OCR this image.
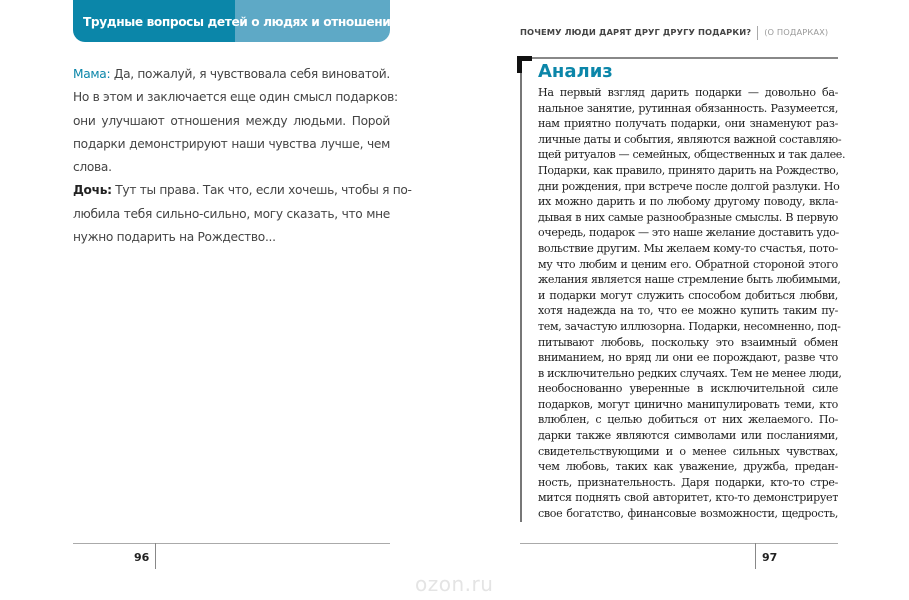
Трудные вопросы детей о людях и отношениях
Мама: Да, пожалуй, я чувствовала себя виноватой.
Но в этом и заключается еще один смысл подарков:
они улучшают отношения между людьми. Порой
подарки демонстрируют наши чувства лучше, чем
слова.
Дочь: Тут ты права. Так что, если хочешь, чтобы я по-
любила тебя сильно-сильно, могу сказать, что мне
нужно подарить на Рождество...
ПОЧЕМУ ЛЮДИ ДАРЯТ ДРУГ ДРУГУ ПОДАРКИ? (О ПОДАРКАХ)
Анализ
На первый взгляд дарить подарки — довольно ба-
нальное занятие, рутинная обязанность. Разумеется,
нам приятно получать подарки, они знаменуют раз-
личные даты и события, являются важной составляю-
щей ритуалов — семейных, общественных и так далее.
Подарки, как правило, принято дарить на Рождество,
дни рождения, при встрече после долгой разлуки. Но
их можно дарить и по любому другому поводу, вкла-
дывая в них самые разнообразные смыслы. В первую
очередь, подарок — это наше желание доставить удо-
вольствие другим. Мы желаем кому-то счастья, пото-
му что любим и ценим его. Обратной стороной этого
желания является наше стремление быть любимыми,
и подарки могут служить способом добиться любви,
хотя надежда на то, что ее можно купить таким пу-
тем, зачастую иллюзорна. Подарки, несомненно, под-
питывают любовь, поскольку это взаимный обмен
вниманием, но вряд ли они ее порождают, разве что
в исключительно редких случаях. Тем не менее люди,
необоснованно уверенные в исключительной силе
подарков, могут цинично манипулировать теми, кто
влюблен, с целью добиться от них желаемого. По-
дарки также являются символами или посланиями,
свидетельствующими и о менее сильных чувствах,
чем любовь, таких как уважение, дружба, предан-
ность, признательность. Даря подарки, кто-то стре-
мится поднять свой авторитет, кто-то демонстрирует
свое богатство, финансовые возможности, щедрость,
96	97
ozon.ru
